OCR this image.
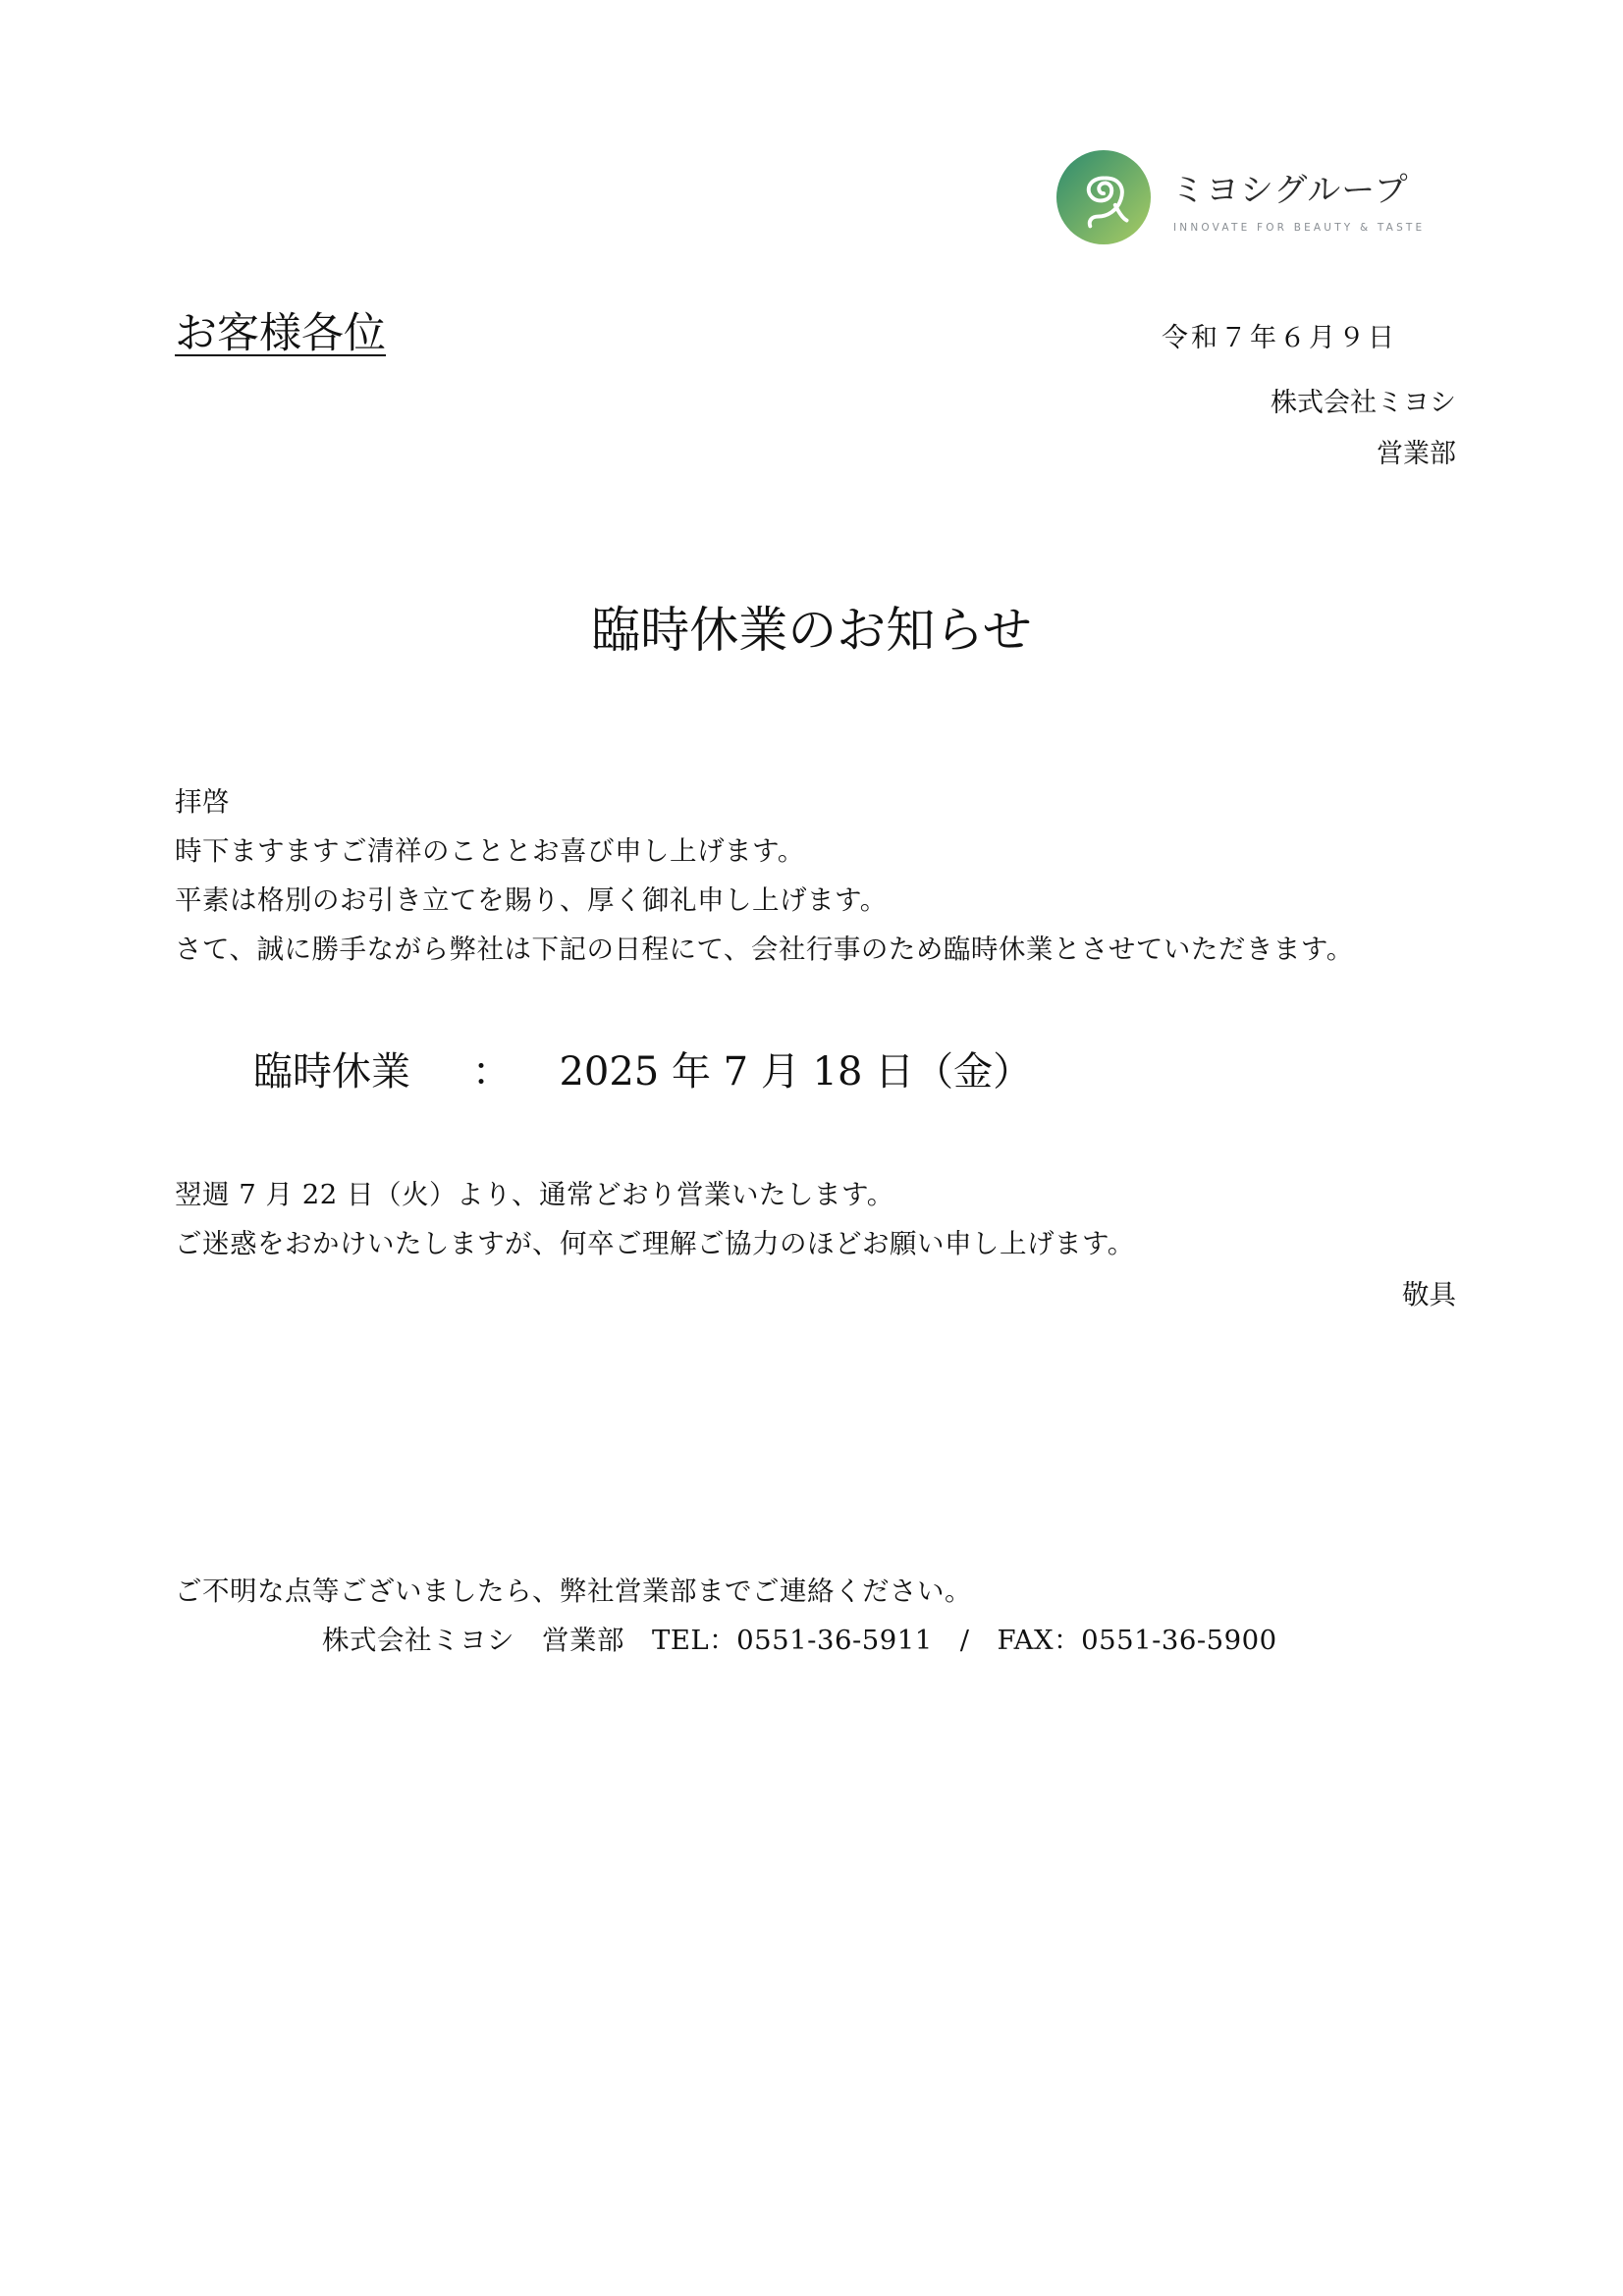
ミヨシグループ
INNOVATE FOR BEAUTY & TASTE
お客様各位	令和７年６月９日
株式会社ミヨシ
営業部
臨時休業のお知らせ
拝啓
時下ますますご清祥のこととお喜び申し上げます。
平素は格別のお引き立てを賜り、厚く御礼申し上げます。
さて、誠に勝手ながら弊社は下記の日程にて、会社行事のため臨時休業とさせていただきます。
臨時休業 ： 2025 年 7 月 18 日（金）
翌週 7 月 22 日（火）より、通常どおり営業いたします。
ご迷惑をおかけいたしますが、何卒ご理解ご協力のほどお願い申し上げます。
敬具
ご不明な点等ございましたら、弊社営業部までご連絡ください。
株式会社ミヨシ　営業部　TEL：0551-36-5911　/　FAX：0551-36-5900
